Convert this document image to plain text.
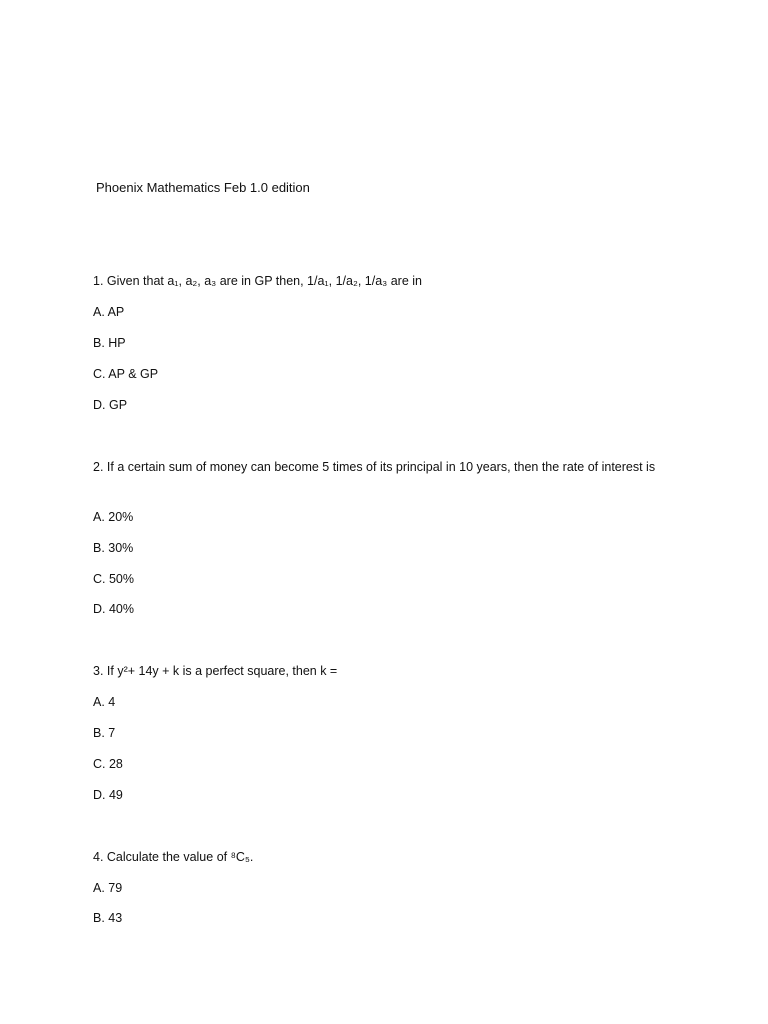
Phoenix Mathematics Feb 1.0 edition

1. Given that a₁, a₂, a₃ are in GP then, 1/a₁, 1/a₂, 1/a₃ are in

A. AP

B. HP

C. AP & GP

D. GP

2. If a certain sum of money can become 5 times of its principal in 10 years, then the rate of interest is

A. 20%

B. 30%

C. 50%

D. 40%

3. If y²+ 14y + k is a perfect square, then k =

A. 4

B. 7

C. 28

D. 49

4. Calculate the value of ⁸C₅.

A. 79

B. 43
